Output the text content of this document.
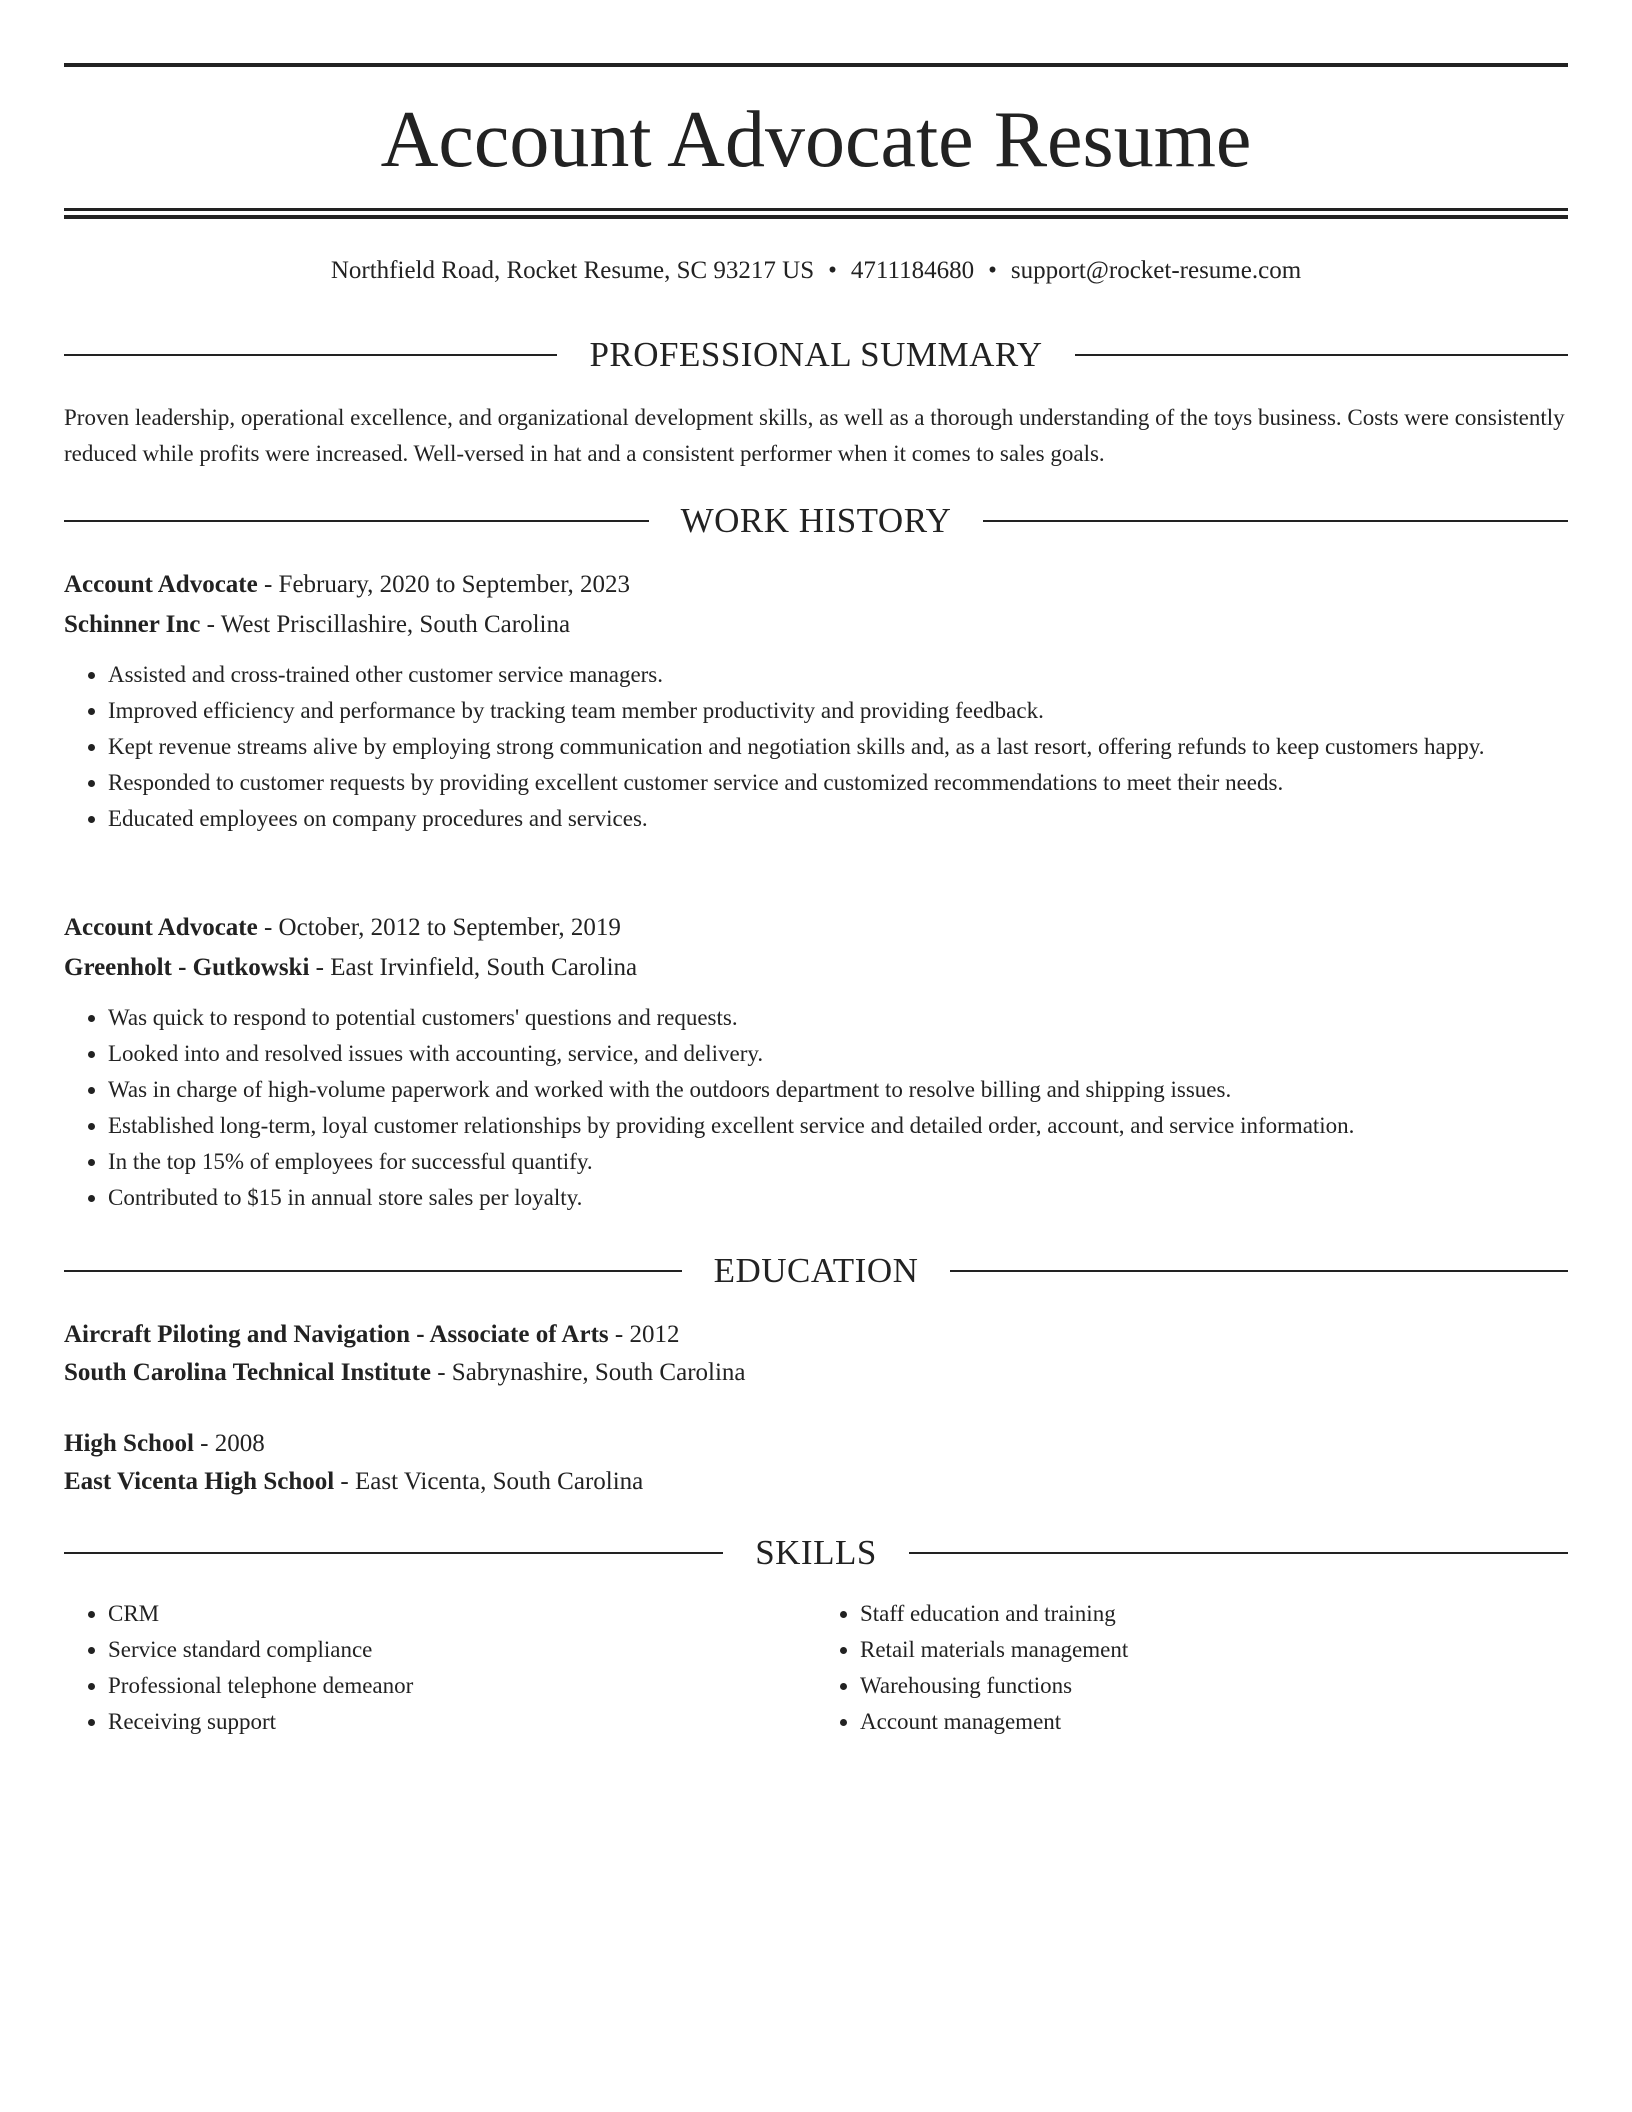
Account Advocate Resume
Northfield Road, Rocket Resume, SC 93217 US • 4711184680 • support@rocket-resume.com
PROFESSIONAL SUMMARY

Proven leadership, operational excellence, and organizational development skills, as well as a thorough understanding of the toys business. Costs were consistently reduced while profits were increased. Well-versed in hat and a consistent performer when it comes to sales goals.

WORK HISTORY
Account Advocate - February, 2020 to September, 2023
Schinner Inc - West Priscillashire, South Carolina
• Assisted and cross-trained other customer service managers.
• Improved efficiency and performance by tracking team member productivity and providing feedback.
• Kept revenue streams alive by employing strong communication and negotiation skills and, as a last resort, offering refunds to keep customers happy.
• Responded to customer requests by providing excellent customer service and customized recommendations to meet their needs.
• Educated employees on company procedures and services.
Account Advocate - October, 2012 to September, 2019
Greenholt - Gutkowski - East Irvinfield, South Carolina
• Was quick to respond to potential customers' questions and requests.
• Looked into and resolved issues with accounting, service, and delivery.
• Was in charge of high-volume paperwork and worked with the outdoors department to resolve billing and shipping issues.
• Established long-term, loyal customer relationships by providing excellent service and detailed order, account, and service information.
• In the top 15% of employees for successful quantify.
• Contributed to $15 in annual store sales per loyalty.
EDUCATION
Aircraft Piloting and Navigation - Associate of Arts - 2012
South Carolina Technical Institute - Sabrynashire, South Carolina
High School - 2008
East Vicenta High School - East Vicenta, South Carolina
SKILLS
• CRM
• Service standard compliance
• Professional telephone demeanor
• Receiving support
• Staff education and training
• Retail materials management
• Warehousing functions
• Account management
